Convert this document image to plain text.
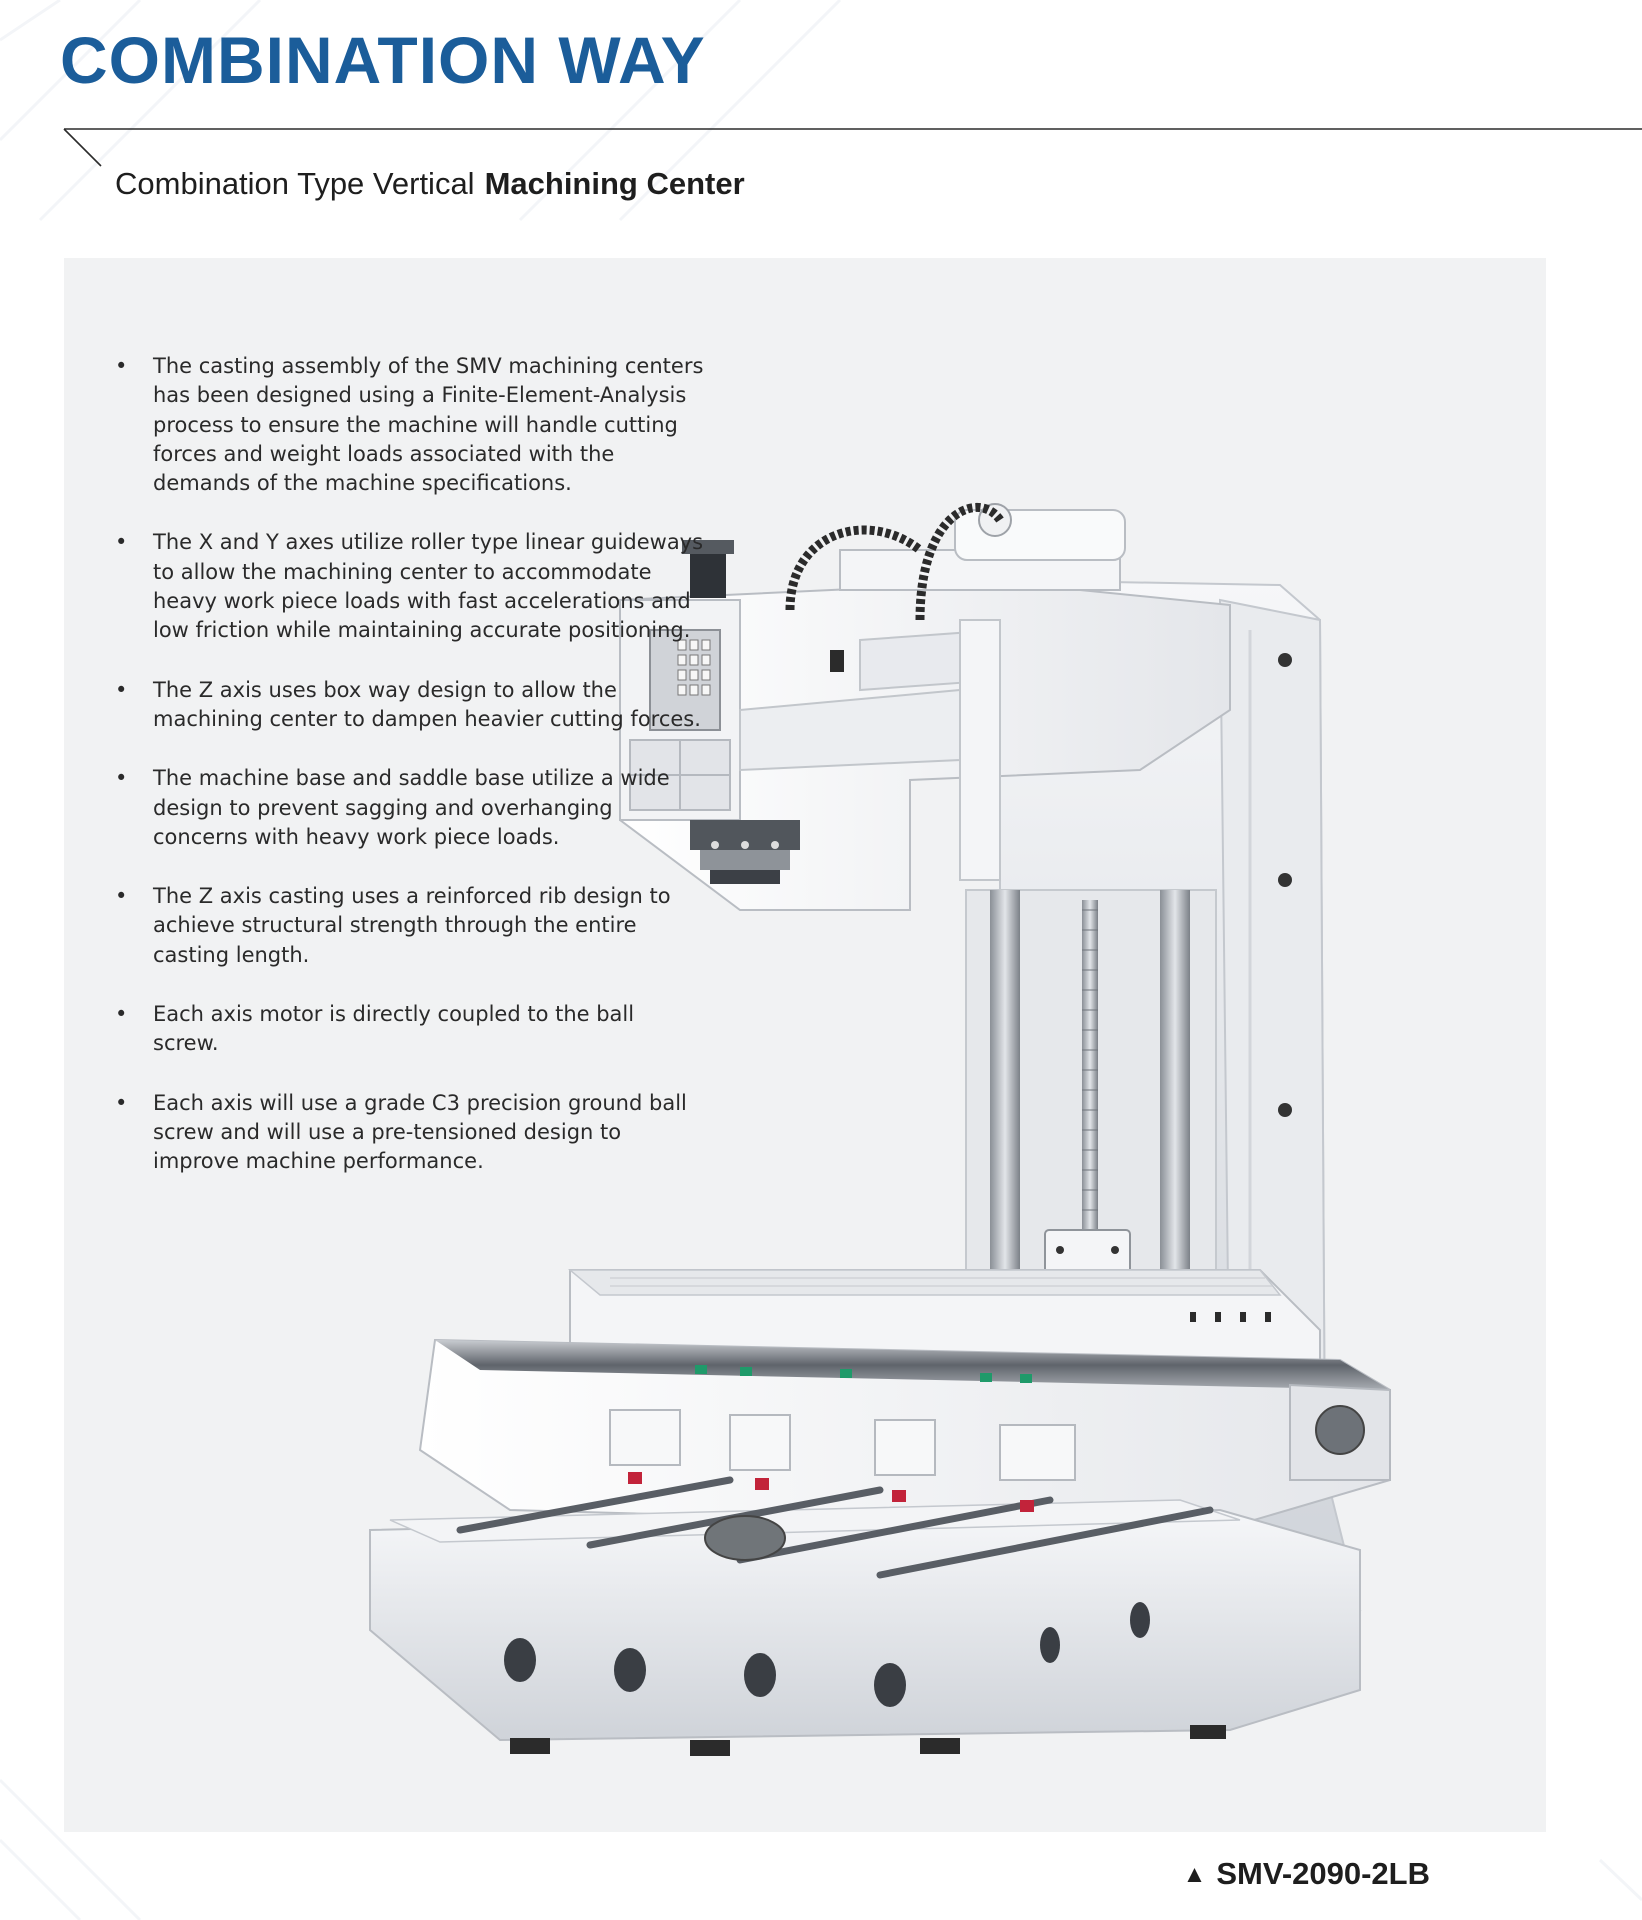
COMBINATION WAY
Combination Type Vertical Machining Center
• The casting assembly of the SMV machining centers has been designed using a Finite-Element-Analysis process to ensure the machine will handle cutting forces and weight loads associated with the demands of the machine specifications.
• The X and Y axes utilize roller type linear guideways to allow the machining center to accommodate heavy work piece loads with fast accelerations and low friction while maintaining accurate positioning.
• The Z axis uses box way design to allow the machining center to dampen heavier cutting forces.
• The machine base and saddle base utilize a wide design to prevent sagging and overhanging concerns with heavy work piece loads.
• The Z axis casting uses a reinforced rib design to achieve structural strength through the entire casting length.
• Each axis motor is directly coupled to the ball screw.
• Each axis will use a grade C3 precision ground ball screw and will use a pre-tensioned design to improve machine performance.
▲ SMV-2090-2LB
